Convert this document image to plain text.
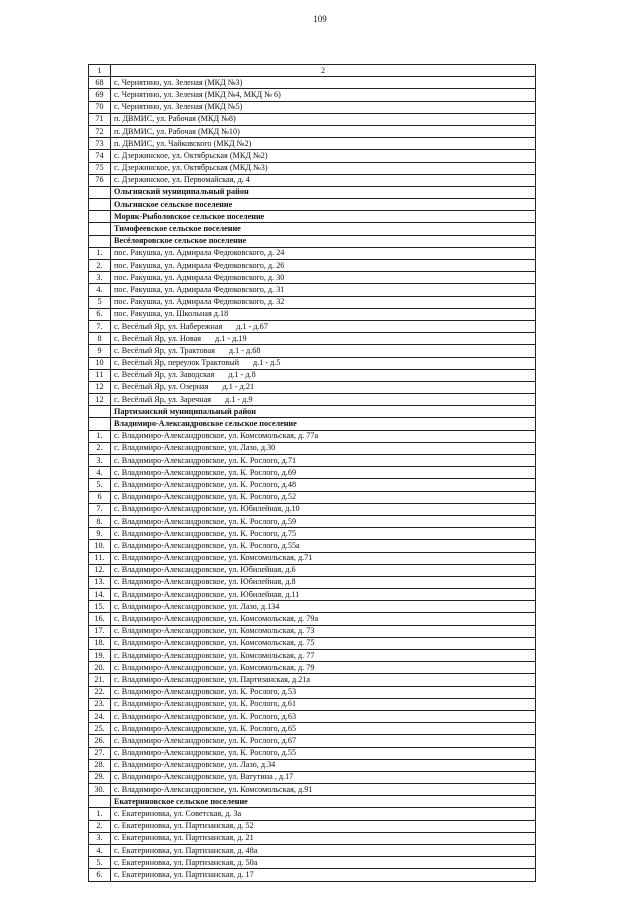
109
1	2
68	с. Чернятино, ул. Зеленая (МКД №3)
69	с. Чернятино, ул. Зеленая (МКД №4, МКД № 6)
70	с. Чернятино, ул. Зеленая (МКД №5)
71	п. ДВМИС, ул. Рабочая (МКД №8)
72	п. ДВМИС, ул. Рабочая (МКД №10)
73	п. ДВМИС, ул. Чайковского (МКД №2)
74	с. Дзержинское, ул. Октябрьская (МКД №2)
75	с. Дзержинское, ул. Октябрьская (МКД №3)
76	с. Дзержинское, ул. Первомайская, д. 4
	Ольгинский муниципальный район
	Ольгинское сельское поселение
	Моряк-Рыболовское сельское поселение
	Тимофеевское сельское поселение
	Весёлояровское сельское поселение
1.	пос. Ракушка, ул. Адмирала Федюковского, д. 24
2.	пос. Ракушка, ул. Адмирала Федюковского, д. 26
3.	пос. Ракушка, ул. Адмирала Федюковского, д. 30
4.	пос. Ракушка, ул. Адмирала Федюковского, д. 31
5	пос. Ракушка, ул. Адмирала Федюковского, д. 32
6.	пос. Ракушка, ул. Школьная д.18
7.	с. Весёлый Яр, ул. Набережная д.1 - д.67
8	с. Весёлый Яр, ул. Новая д.1 - д.19
9	с. Весёлый Яр, ул. Трактовая д.1 - д.68
10	с. Весёлый Яр, переулок Трактовый д.1 - д.5
11	с. Весёлый Яр, ул. Заводская д.1 - д.8
12	с. Весёлый Яр, ул. Озерная д.1 - д.21
12	с. Весёлый Яр, ул. Заречная д.1 - д.9
	Партизанский муниципальный район
	Владимиро-Александровское сельское поселение
1.	с. Владимиро-Александровское, ул. Комсомольская, д. 77а
2.	с. Владимиро-Александровское, ул. Лазо, д.30
3.	с. Владимиро-Александровское, ул. К. Рослого, д.71
4.	с. Владимиро-Александровское, ул. К. Рослого, д.69
5.	с. Владимиро-Александровское, ул. К. Рослого, д.48
6	с. Владимиро-Александровское, ул. К. Рослого, д.52
7.	с. Владимиро-Александровское, ул. Юбилейная, д.10
8.	с. Владимиро-Александровское, ул. К. Рослого, д.59
9.	с. Владимиро-Александровское, ул. К. Рослого, д.75
10.	с. Владимиро-Александровское, ул. К. Рослого, д.55а
11.	с. Владимиро-Александровское, ул. Комсомольская, д.71
12.	с. Владимиро-Александровское, ул. Юбилейная, д.6
13.	с. Владимиро-Александровское, ул. Юбилейная, д.8
14.	с. Владимиро-Александровское, ул. Юбилейная, д.11
15.	с. Владимиро-Александровское, ул. Лазо, д.134
16.	с. Владимиро-Александровское, ул. Комсомольская, д. 79а
17.	с. Владимиро-Александровское, ул. Комсомольская, д. 73
18.	с. Владимиро-Александровское, ул. Комсомольская, д. 75
19.	с. Владимиро-Александровское, ул. Комсомольская, д. 77
20.	с. Владимиро-Александровское, ул. Комсомольская, д. 79
21.	с. Владимиро-Александровское, ул. Партизанская, д.21а
22.	с. Владимиро-Александровское, ул. К. Рослого, д.53
23.	с. Владимиро-Александровское, ул. К. Рослого, д.61
24.	с. Владимиро-Александровское, ул. К. Рослого, д.63
25.	с. Владимиро-Александровское, ул. К. Рослого, д.65
26.	с. Владимиро-Александровское, ул. К. Рослого, д.67
27.	с. Владимиро-Александровское, ул. К. Рослого, д.55
28.	с. Владимиро-Александровское, ул. Лазо, д.34
29.	с. Владимиро-Александровское, ул. Ватутина , д.17
30.	с. Владимиро-Александровское, ул. Комсомольская, д.91
	Екатериновское сельское поселение
1.	с. Екатериновка, ул. Советская, д. 3а
2.	с. Екатериновка, ул. Партизанская, д. 52
3.	с. Екатериновка, ул. Партизанская, д. 21
4.	с. Екатериновка, ул. Партизанская, д. 48а
5.	с. Екатериновка, ул. Партизанская, д. 50а
6.	с. Екатериновка, ул. Партизанская, д. 17
